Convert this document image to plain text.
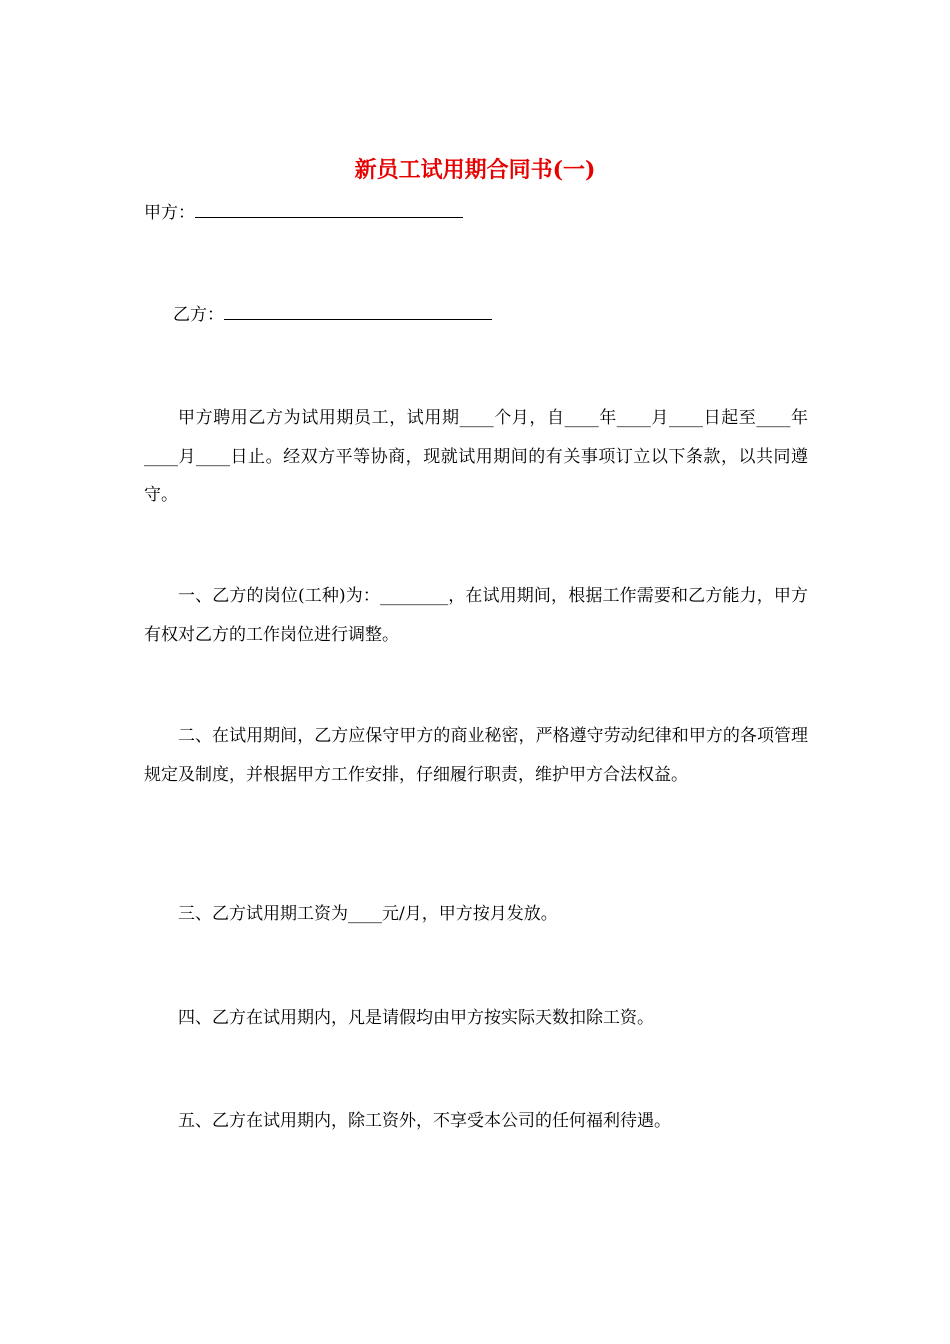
新员工试用期合同书(一)

甲方：

乙方：

甲方聘用乙方为试用期员工，试用期____个月，自____年____月____日起至____年____月____日止。经双方平等协商，现就试用期间的有关事项订立以下条款，以共同遵守。

一、乙方的岗位(工种)为：________，在试用期间，根据工作需要和乙方能力，甲方有权对乙方的工作岗位进行调整。

二、在试用期间，乙方应保守甲方的商业秘密，严格遵守劳动纪律和甲方的各项管理规定及制度，并根据甲方工作安排，仔细履行职责，维护甲方合法权益。

三、乙方试用期工资为____元/月，甲方按月发放。

四、乙方在试用期内，凡是请假均由甲方按实际天数扣除工资。

五、乙方在试用期内，除工资外，不享受本公司的任何福利待遇。
